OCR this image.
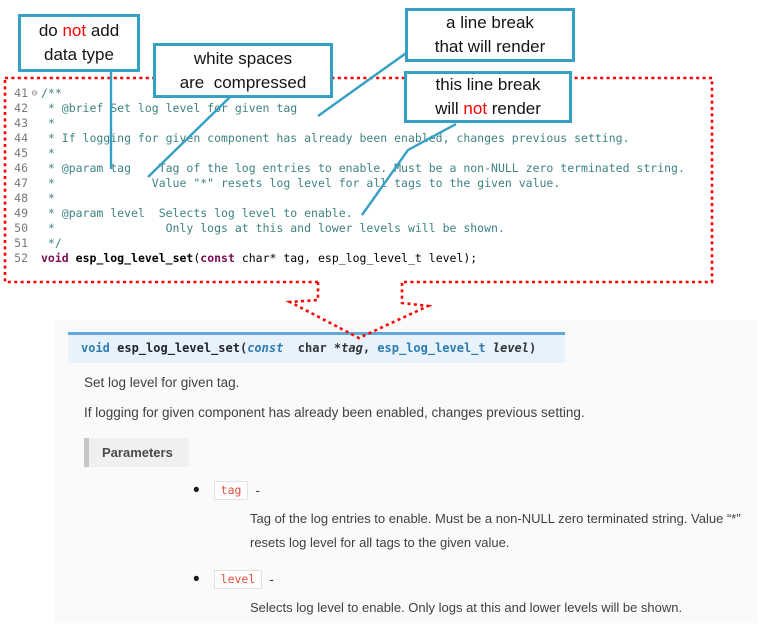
41 ⊖ /**
42 * @brief Set log level for given tag
43 *
44 * If logging for given component has already been enabled, changes previous setting.
45 *
46 * @param tag    Tag of the log entries to enable. Must be a non-NULL zero terminated string.
47 *              Value "*" resets log level for all tags to the given value.
48 *
49 * @param level  Selects log level to enable.
50 *                Only logs at this and lower levels will be shown.
51 */
52 void
esp_log_level_set ( const char* tag, esp_log_level_t level);
void esp_log_level_set(const char *tag, esp_log_level_t level)
Set log level for given tag.
If logging for given component has already been enabled, changes previous setting.
Parameters
•	tag	-
Tag of the log entries to enable. Must be a non-NULL zero terminated string. Value “*” resets log level for all tags to the given value.
•	level	-
Selects log level to enable. Only logs at this and lower levels will be shown.
do not add
data type	white spaces
are  compressed
a line break
that will render
this line break
will not render
